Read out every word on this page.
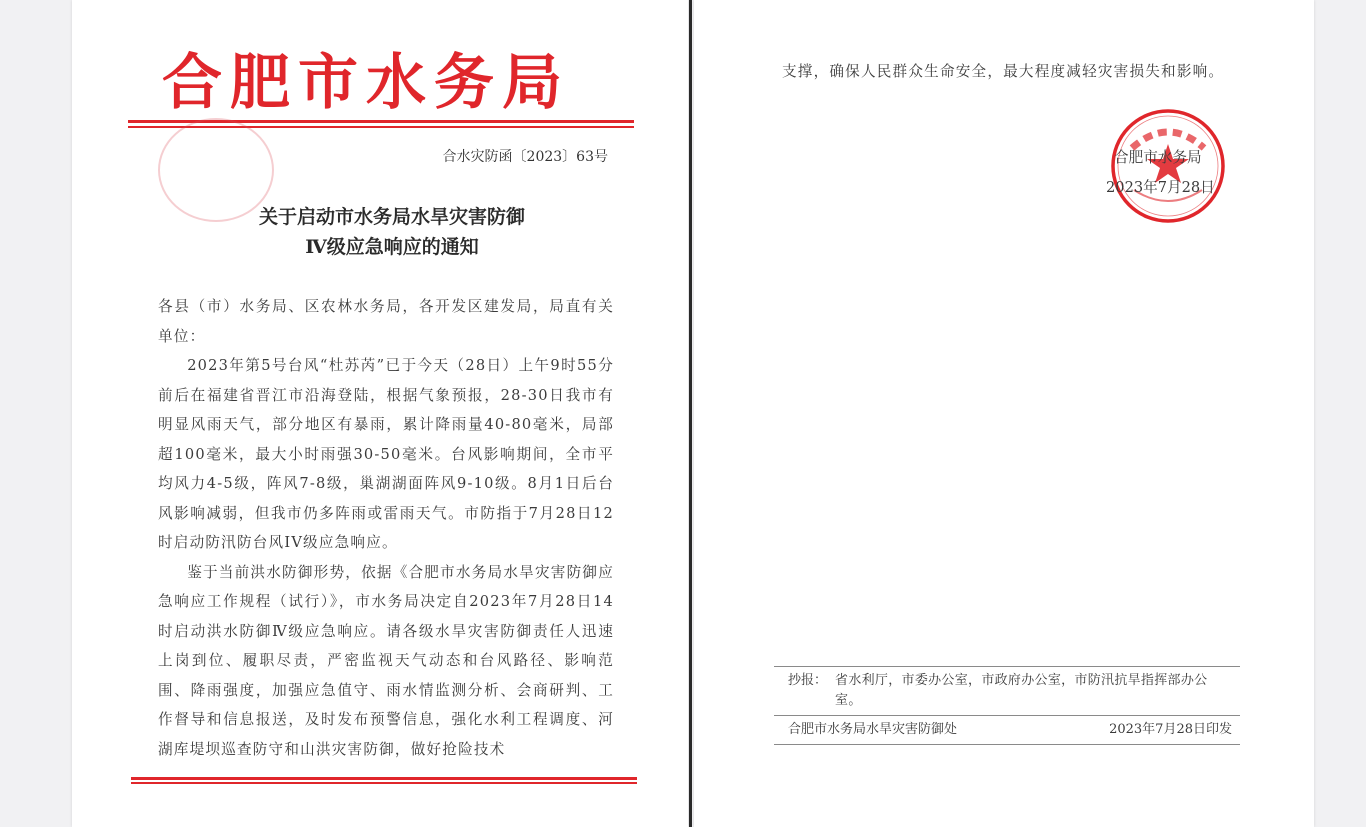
合肥市水务局
合水灾防函〔2023〕63号
关于启动市水务局水旱灾害防御
Ⅳ级应急响应的通知

各县（市）水务局、区农林水务局，各开发区建发局，局直有关单位：

2023年第5号台风“杜苏芮”已于今天（28日）上午9时55分前后在福建省晋江市沿海登陆，根据气象预报，28-30日我市有明显风雨天气，部分地区有暴雨，累计降雨量40-80毫米，局部超100毫米，最大小时雨强30-50毫米。台风影响期间，全市平均风力4-5级，阵风7-8级，巢湖湖面阵风9-10级。8月1日后台风影响减弱，但我市仍多阵雨或雷雨天气。市防指于7月28日12时启动防汛防台风IV级应急响应。

鉴于当前洪水防御形势，依据《合肥市水务局水旱灾害防御应急响应工作规程（试行）》，市水务局决定自2023年7月28日14时启动洪水防御Ⅳ级应急响应。请各级水旱灾害防御责任人迅速上岗到位、履职尽责，严密监视天气动态和台风路径、影响范围、降雨强度，加强应急值守、雨水情监测分析、会商研判、工作督导和信息报送，及时发布预警信息，强化水利工程调度、河湖库堤坝巡查防守和山洪灾害防御，做好抢险技术

支撑，确保人民群众生命安全，最大程度减轻灾害损失和影响。
合肥市水务局
2023年7月28日
抄报： 省水利厅，市委办公室，市政府办公室，市防汛抗旱指挥部办公室。
合肥市水务局水旱灾害防御处	2023年7月28日印发
